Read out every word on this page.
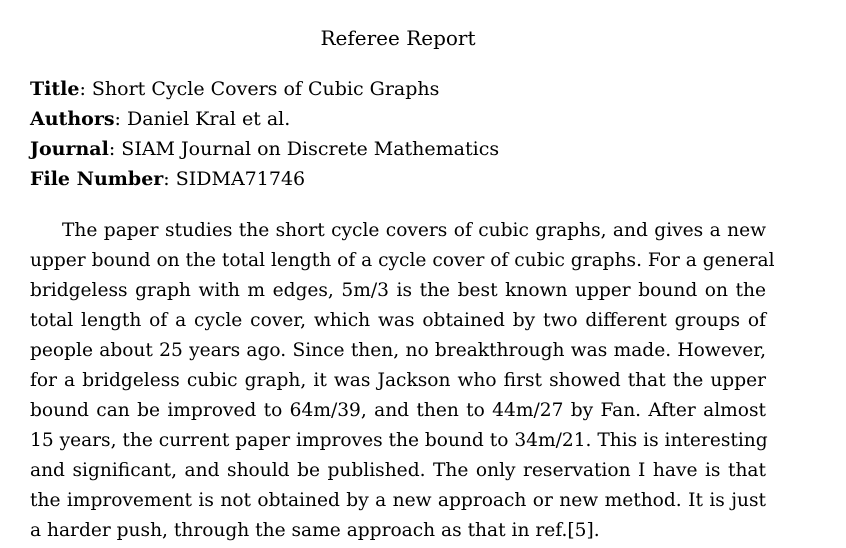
Referee Report
Title: Short Cycle Covers of Cubic Graphs
Authors: Daniel Kral et al.
Journal: SIAM Journal on Discrete Mathematics
File Number: SIDMA71746
The paper studies the short cycle covers of cubic graphs, and gives a new
upper bound on the total length of a cycle cover of cubic graphs. For a general
bridgeless graph with m edges, 5m/3 is the best known upper bound on the
total length of a cycle cover, which was obtained by two different groups of
people about 25 years ago. Since then, no breakthrough was made. However,
for a bridgeless cubic graph, it was Jackson who first showed that the upper
bound can be improved to 64m/39, and then to 44m/27 by Fan. After almost
15 years, the current paper improves the bound to 34m/21. This is interesting
and significant, and should be published. The only reservation I have is that
the improvement is not obtained by a new approach or new method. It is just
a harder push, through the same approach as that in ref.[5].
